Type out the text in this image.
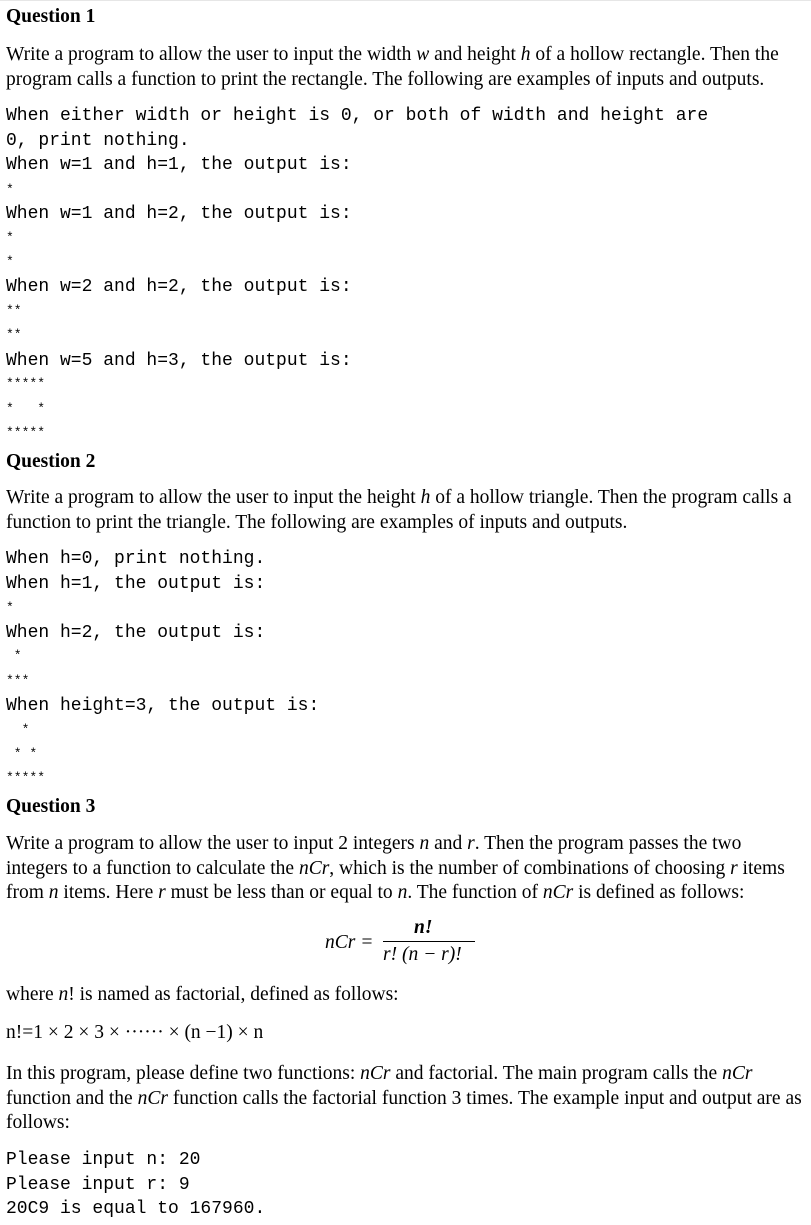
Question 1
Write a program to allow the user to input the width w and height h of a hollow rectangle. Then the program calls a function to print the rectangle. The following are examples of inputs and outputs.
When either width or height is 0, or both of width and height are
0, print nothing.
When w=1 and h=1, the output is:
*
When w=1 and h=2, the output is:
*
*
When w=2 and h=2, the output is:
**
**
When w=5 and h=3, the output is:
*****
*   *
*****
Question 2
Write a program to allow the user to input the height h of a hollow triangle. Then the program calls a function to print the triangle. The following are examples of inputs and outputs.
When h=0, print nothing.
When h=1, the output is:
*
When h=2, the output is:
*
***
When height=3, the output is:
*
* *
*****
Question 3
Write a program to allow the user to input 2 integers n and r. Then the program passes the two integers to a function to calculate the nCr, which is the number of combinations of choosing r items from n items. Here r must be less than or equal to n. The function of nCr is defined as follows:
nCr =
n!
r! (n − r)!
where n! is named as factorial, defined as follows:
n!=1 × 2 × 3 × ······ × (n −1) × n
In this program, please define two functions: nCr and factorial. The main program calls the nCr function and the nCr function calls the factorial function 3 times. The example input and output are as follows:
Please input n: 20
Please input r: 9
20C9 is equal to 167960.
